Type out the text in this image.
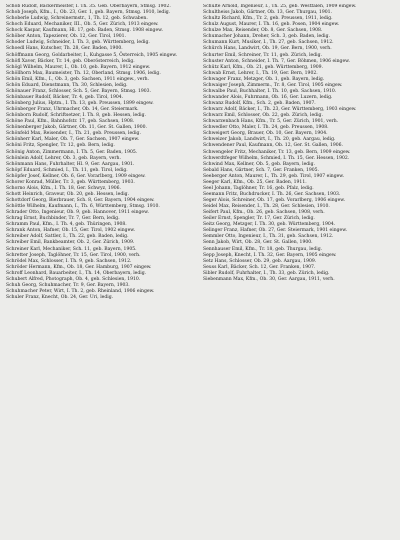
Schob Rudolf, Bäckermeister, I. Th. 35. Geb. Oberbayern, Stmsg. 1902.

Schob Joseph, Kfm., I., Ob. 23, Ger. 1, geb. Bayern, Stmsg. 1910, ledig.

Schoberle Ludwig, Schreinermstr., 1, Th. 12, geb. Schwaben.

Schoch Eduard, Mechaniker, III., Ob. 5, Ger. Zürich, 1913 eingew.

Schock Kaspar, Kaufmann, Hl. 17, geb. Baden, Stmsg. 1908 eingew.

Schöber Anton, Tapezierer, Ob. 12, Ger. Tirol, 1901.

Schoder Ludwig, Schneider, I. Th. 3, geb. Württemberg, ledig.

Schoedl Hans, Kutscher, Th. 28, Ger. Baden, 1900.

Schöffmann Georg, Goldarbeiter, I., Kuhgasse 5, Österreich, 1905 eingew.

Schöfl Xaver, Bäcker, Tr. 14, geb. Oberösterreich, ledig.

Schögl Wilhelm, Maurer, I., Ob. 10, geb. Bayern, 1912 eingew.

Schöllhorn Max, Baumeister, Th. 12, Oberland, Stmsg. 1906, ledig.

Schön Emil, Kfm., I., Ob. 3, geb. Sachsen, 1911 eingew., verh.

Schön Eduard, Dienstmann, Th. 30, Schlesien, ledig.

Schönauer Franz, Schlosser, Sch. 5, Ger. Bayern, Stmsg. 1903.

Schönbauer Rudolf, Bäcker, Tr. 4, geb. Tirol, 1904.

Schönberg Julius, Hptm., I. Th. 13, geb. Preussen, 1899 eingew.

Schönberger Franz, Uhrmacher, Ob. 14, Ger. Steiermark.

Schönborn Rudolf, Schriftsetzer, I. Th. 8, geb. Hessen, ledig.

Schöne Paul, Kfm., Bahnhofstr. 17, geb. Sachsen, 1908.

Schönenberger Jakob, Gärtner, Ob. 11, Ger. St. Gallen, 1900.

Schönfeld Max, Reisender, I., Th. 21, geb. Preussen, ledig.

Schönherr Karl, Maler, Ob. 7, Ger. Sachsen, 1907 eingew.

Schöni Fritz, Spengler, Tr. 12, geb. Bern, ledig.

Schönig Anton, Zimmermann, I. Th. 5, Ger. Baden, 1905.

Schönlein Adolf, Lehrer, Ob. 3, geb. Bayern, verh.

Schönmann Hans, Fuhrhalter, Hl. 9, Ger. Aargau, 1901.

Schöpf Eduard, Schmied, I., Th. 11, geb. Tirol, ledig.

Schöpfer Josef, Kellner, Ob. 6, Ger. Vorarlberg, 1909 eingew.

Schorer Konrad, Müller, Tr. 3, geb. Württemberg, 1903.

Schorno Alois, Kfm., I. Th. 18, Ger. Schwyz, 1906.

Schott Heinrich, Graveur, Ob. 20, geb. Hessen, ledig.

Schottdorf Georg, Bierbrauer, Sch. 8, Ger. Bayern, 1904 eingew.

Schöttle Wilhelm, Kaufmann, I., Th. 6, Württemberg, Stmsg. 1910.

Schrader Otto, Ingenieur, Ob. 9, geb. Hannover, 1911 eingew.

Schrag Ernst, Buchbinder, Tr. 7, Ger. Bern, ledig.

Schramm Paul, Kfm., I. Th. 4, geb. Thüringen, 1908.

Schrank Anton, Hafner, Ob. 15, Ger. Tirol, 1902 eingew.

Schreiber Adolf, Sattler, I., Th. 22, geb. Baden, ledig.

Schreiber Emil, Bankbeamter, Ob. 2, Ger. Zürich, 1909.

Schreiner Karl, Mechaniker, Sch. 11, geb. Bayern, 1905.

Schretter Joseph, Taglöhner, Tr. 15, Ger. Tirol, 1900, verh.

Schrödel Max, Schlosser, I. Th. 9, geb. Sachsen, 1912.

Schröder Hermann, Kfm., Ob. 18, Ger. Hamburg, 1907 eingew.

Schroff Leonhard, Bauarbeiter, I., Th. 14, Oberbayern, ledig.

Schubert Alfred, Photograph, Ob. 4, geb. Schlesien, 1910.

Schuh Georg, Schuhmacher, Tr. 9, Ger. Bayern, 1903.

Schuhmacher Peter, Wirt, I. Th. 2, geb. Rheinland, 1906 eingew.

Schuler Franz, Knecht, Ob. 24, Ger. Uri, ledig.

Schulte Arnold, Ingenieur, I., Th. 25, geb. Westfalen, 1909 eingew.

Schultheiss Jakob, Gärtner, Ob. 13, Ger. Thurgau, 1901.

Schultz Richard, Kfm., Tr. 2, geb. Preussen, 1911, ledig.

Schulz August, Maurer, I. Th. 16, geb. Posen, 1904 eingew.

Schulze Max, Reisender, Ob. 8, Ger. Sachsen, 1908.

Schumacher Johann, Dreher, Sch. 3, geb. Baden, ledig.

Schumann Kurt, Musiker, I., Th. 27, geb. Sachsen, 1912.

Schürch Hans, Landwirt, Ob. 19, Ger. Bern, 1900, verh.

Schurter Emil, Schreiner, Tr. 11, geb. Zürich, ledig.

Schuster Anton, Schneider, I. Th. 7, Ger. Böhmen, 1906 eingew.

Schütz Karl, Kfm., Ob. 21, geb. Württemberg, 1909.

Schwab Ernst, Lehrer, I., Th. 19, Ger. Bern, 1902.

Schwager Franz, Metzger, Ob. 1, geb. Bayern, ledig.

Schwaiger Joseph, Zimmerm., Tr. 8, Ger. Tirol, 1905 eingew.

Schwalbe Paul, Buchhalter, I. Th. 10, geb. Sachsen, 1910.

Schwander Alois, Fuhrmann, Ob. 16, Ger. Luzern, ledig.

Schwanz Rudolf, Kfm., Sch. 2, geb. Baden, 1907.

Schwarz Adolf, Bäcker, I., Th. 23, Ger. Württemberg, 1903 eingew.

Schwarz Emil, Schlosser, Ob. 22, geb. Zürich, ledig.

Schwarzenbach Hans, Kfm., Tr. 5, Ger. Zürich, 1901, verh.

Schwedler Otto, Maler, I. Th. 24, geb. Preussen, 1908.

Schweigert Georg, Brauer, Ob. 10, Ger. Bayern, 1904.

Schweizer Jakob, Landwirt, I., Th. 20, geb. Aargau, ledig.

Schwendener Paul, Kaufmann, Ob. 12, Ger. St. Gallen, 1906.

Schwengeler Fritz, Mechaniker, Tr. 13, geb. Bern, 1909 eingew.

Schwerdtfeger Wilhelm, Schmied, I. Th. 15, Ger. Hessen, 1902.

Schwind Max, Kellner, Ob. 5, geb. Bayern, ledig.

Sebald Hans, Gärtner, Sch. 7, Ger. Franken, 1905.

Seeberger Anton, Maurer, I., Th. 29, geb. Tirol, 1907 eingew.

Seeger Karl, Kfm., Ob. 25, Ger. Baden, 1911.

Seel Johann, Taglöhner, Tr. 16, geb. Pfalz, ledig.

Seemann Fritz, Buchdrucker, I. Th. 26, Ger. Sachsen, 1903.

Seger Alois, Schreiner, Ob. 17, geb. Vorarlberg, 1906 eingew.

Seidel Max, Reisender, I., Th. 28, Ger. Schlesien, 1910.

Seifert Paul, Kfm., Ob. 26, geb. Sachsen, 1908, verh.

Seiler Ernst, Spengler, Tr. 17, Ger. Zürich, ledig.

Seitz Georg, Metzger, I. Th. 30, geb. Württemberg, 1904.

Selinger Franz, Hafner, Ob. 27, Ger. Steiermark, 1901 eingew.

Semmler Otto, Ingenieur, I., Th. 31, geb. Sachsen, 1912.

Senn Jakob, Wirt, Ob. 28, Ger. St. Gallen, 1900.

Sennhauser Emil, Kfm., Tr. 18, geb. Thurgau, ledig.

Sepp Joseph, Knecht, I. Th. 32, Ger. Bayern, 1905 eingew.

Setz Hans, Schlosser, Ob. 29, geb. Aargau, 1909.

Seuss Karl, Bäcker, Sch. 12, Ger. Franken, 1907.

Sibler Rudolf, Fuhrhalter, I., Th. 33, geb. Zürich, ledig.

Siebenmann Max, Kfm., Ob. 30, Ger. Aargau, 1911, verh.
